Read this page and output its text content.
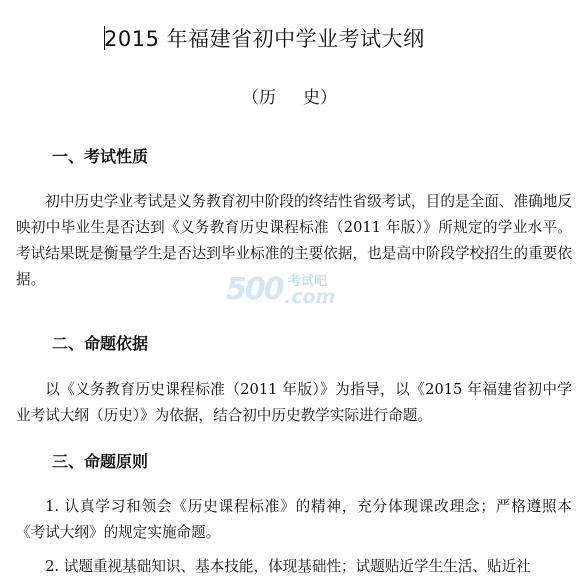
2015 年福建省初中学业考试大纲
（历     史）
一、考试性质

初中历史学业考试是义务教育初中阶段的终结性省级考试，目的是全面、准确地反映初中毕业生是否达到《义务教育历史课程标准（2011 年版）》所规定的学业水平。考试结果既是衡量学生是否达到毕业标准的主要依据，也是高中阶段学校招生的重要依据。	500 考试吧
.com
二、命题依据

以《义务教育历史课程标准（2011 年版）》为指导，以《2015 年福建省初中学业考试大纲（历史）》为依据，结合初中历史教学实际进行命题。

三、命题原则

1. 认真学习和领会《历史课程标准》的精神，充分体现课改理念；严格遵照本《考试大纲》的规定实施命题。

2. 试题重视基础知识、基本技能，体现基础性；试题贴近学生生活、贴近社
